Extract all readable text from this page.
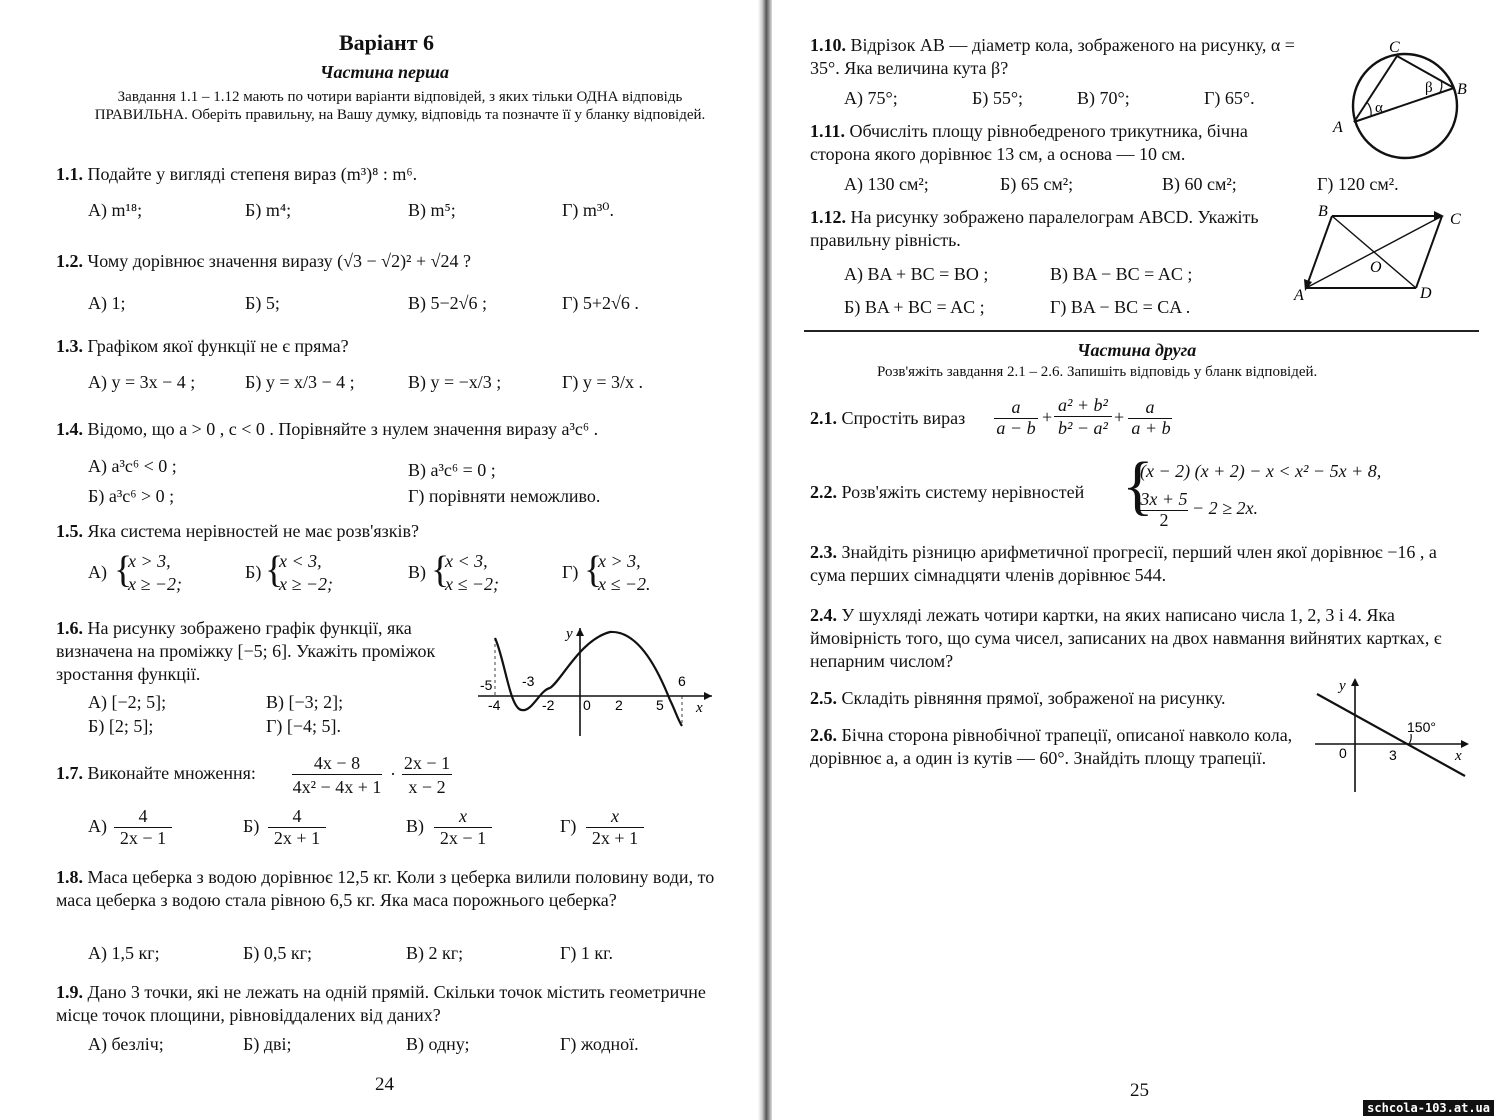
Варіант 6
Частина перша
Завдання 1.1 – 1.12 мають по чотири варіанти відповідей, з яких тільки ОДНА відповідь ПРАВИЛЬНА. Оберіть правильну, на Вашу думку, відповідь та позначте її у бланку відповідей.
1.1. Подайте у вигляді степеня вираз (m³)⁸ : m⁶.
А) m¹⁸;	Б) m⁴;	В) m⁵;	Г) m³⁰.
1.2. Чому дорівнює значення виразу (√3 − √2)² + √24 ?
А) 1;	Б) 5;	В) 5−2√6 ;	Г) 5+2√6 .
1.3. Графіком якої функції не є пряма?
А) y = 3x − 4 ;	Б) y = x/3 − 4 ;	В) y = −x/3 ;	Г) y = 3/x .
1.4. Відомо, що a > 0 , c < 0 . Порівняйте з нулем значення виразу a³c⁶ .
А) a³c⁶ < 0 ;
Б) a³c⁶ > 0 ;
В) a³c⁶ = 0 ;
Г) порівняти неможливо.
1.5. Яка система нерівностей не має розв'язків?
А) {
x > 3,
x ≥ −2;
Б) {
x < 3,
x ≥ −2;
В) {
x < 3,
x ≤ −2;
Г) {
x > 3,
x ≤ −2.
1.6. На рисунку зображено графік функції, яка визначена на проміжку [−5; 6]. Укажіть проміжок зростання функції.
А) [−2; 5];
Б) [2; 5];
В) [−3; 2];
Г) [−4; 5].
y
x
-5
-4
-3
-2 0 2 5
6
1.7. Виконайте множення:	4x − 8
4x² − 4x + 1
·
2x − 1
x − 2
А)	4
2x − 1
Б)	4
2x + 1
В)	x
2x − 1
Г)	x
2x + 1
1.8. Маса цеберка з водою дорівнює 12,5 кг. Коли з цеберка вилили половину води, то маса цеберка з водою стала рівною 6,5 кг. Яка маса порожнього цеберка?
А) 1,5 кг;	Б) 0,5 кг;	В) 2 кг;	Г) 1 кг.
1.9. Дано 3 точки, які не лежать на одній прямій. Скільки точок містить геометричне місце точок площини, рівновіддалених від даних?
А) безліч;	Б) дві;	В) одну;	Г) жодної.
24
1.10. Відрізок AB — діаметр кола, зображеного на рисунку, α = 35°. Яка величина кута β?
А) 75°;	Б) 55°;	В) 70°;	Г) 65°.
C
A
B
α
β
1.11. Обчисліть площу рівнобедреного трикутника, бічна сторона якого дорівнює 13 см, а основа — 10 см.
А) 130 см²;	Б) 65 см²;	В) 60 см²;	Г) 120 см².
1.12. На рисунку зображено паралелограм ABCD. Укажіть правильну рівність.
А) BA + BC = BO ;
Б) BA + BC = AC ;
В) BA − BC = AC ;
Г) BA − BC = CA .
B	C
A	D
O
Частина друга
Розв'яжіть завдання 2.1 – 2.6. Запишіть відповідь у бланк відповідей.
2.1. Спростіть вираз
a
a − b
+
a² + b²
b² − a²
+	a
a + b
2.2. Розв'яжіть систему нерівностей {
(x − 2) (x + 2) − x < x² − 5x + 8,
3x + 5
2
− 2 ≥ 2x.
2.3. Знайдіть різницю арифметичної прогресії, перший член якої дорівнює −16 , а сума перших сімнадцяти членів дорівнює 544.
2.4. У шухляді лежать чотири картки, на яких написано числа 1, 2, 3 і 4. Яка ймовірність того, що сума чисел, записаних на двох навмання вийнятих картках, є непарним числом?
2.5. Складіть рівняння прямої, зображеної на рисунку.
y
x
0	3
150°
2.6. Бічна сторона рівнобічної трапеції, описаної навколо кола, дорівнює a, а один із кутів — 60°. Знайдіть площу трапеції.
25
schcola-103.at.ua
